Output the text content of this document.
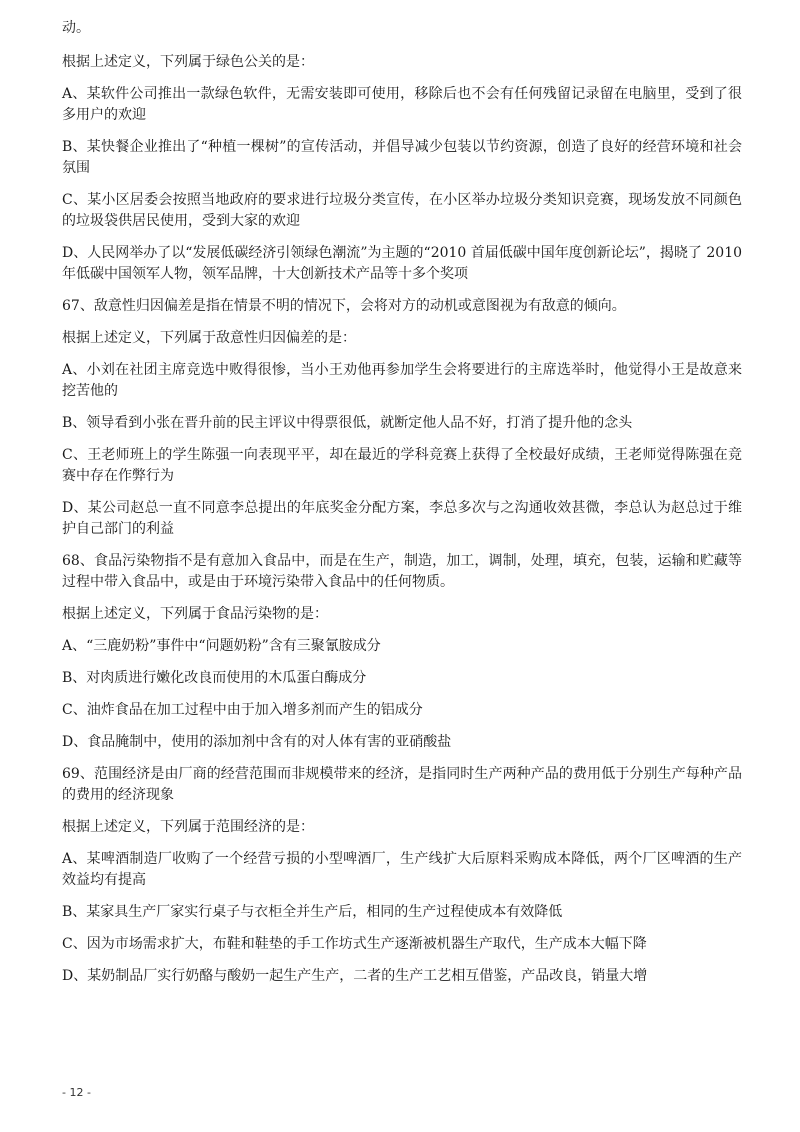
动。

根据上述定义，下列属于绿色公关的是：

A、某软件公司推出一款绿色软件，无需安装即可使用，移除后也不会有任何残留记录留在电脑里，受到了很多用户的欢迎

B、某快餐企业推出了“种植一棵树”的宣传活动，并倡导减少包装以节约资源，创造了良好的经营环境和社会氛围

C、某小区居委会按照当地政府的要求进行垃圾分类宣传，在小区举办垃圾分类知识竞赛，现场发放不同颜色的垃圾袋供居民使用，受到大家的欢迎

D、人民网举办了以“发展低碳经济引领绿色潮流”为主题的“2010 首届低碳中国年度创新论坛”，揭晓了 2010 年低碳中国领军人物，领军品牌，十大创新技术产品等十多个奖项

67、敌意性归因偏差是指在情景不明的情况下，会将对方的动机或意图视为有敌意的倾向。

根据上述定义，下列属于敌意性归因偏差的是：

A、小刘在社团主席竞选中败得很惨，当小王劝他再参加学生会将要进行的主席选举时，他觉得小王是故意来挖苦他的

B、领导看到小张在晋升前的民主评议中得票很低，就断定他人品不好，打消了提升他的念头

C、王老师班上的学生陈强一向表现平平，却在最近的学科竞赛上获得了全校最好成绩，王老师觉得陈强在竞赛中存在作弊行为

D、某公司赵总一直不同意李总提出的年底奖金分配方案，李总多次与之沟通收效甚微，李总认为赵总过于维护自己部门的利益

68、食品污染物指不是有意加入食品中，而是在生产，制造，加工，调制，处理，填充，包装，运输和贮藏等过程中带入食品中，或是由于环境污染带入食品中的任何物质。

根据上述定义，下列属于食品污染物的是：

A、“三鹿奶粉”事件中“问题奶粉”含有三聚氰胺成分

B、对肉质进行嫩化改良而使用的木瓜蛋白酶成分

C、油炸食品在加工过程中由于加入增多剂而产生的铝成分

D、食品腌制中，使用的添加剂中含有的对人体有害的亚硝酸盐

69、范围经济是由厂商的经营范围而非规模带来的经济，是指同时生产两种产品的费用低于分别生产每种产品的费用的经济现象

根据上述定义，下列属于范围经济的是：

A、某啤酒制造厂收购了一个经营亏损的小型啤酒厂，生产线扩大后原料采购成本降低，两个厂区啤酒的生产效益均有提高

B、某家具生产厂家实行桌子与衣柜全并生产后，相同的生产过程使成本有效降低

C、因为市场需求扩大，布鞋和鞋垫的手工作坊式生产逐渐被机器生产取代，生产成本大幅下降

D、某奶制品厂实行奶酪与酸奶一起生产生产，二者的生产工艺相互借鉴，产品改良，销量大增

- 12 -
